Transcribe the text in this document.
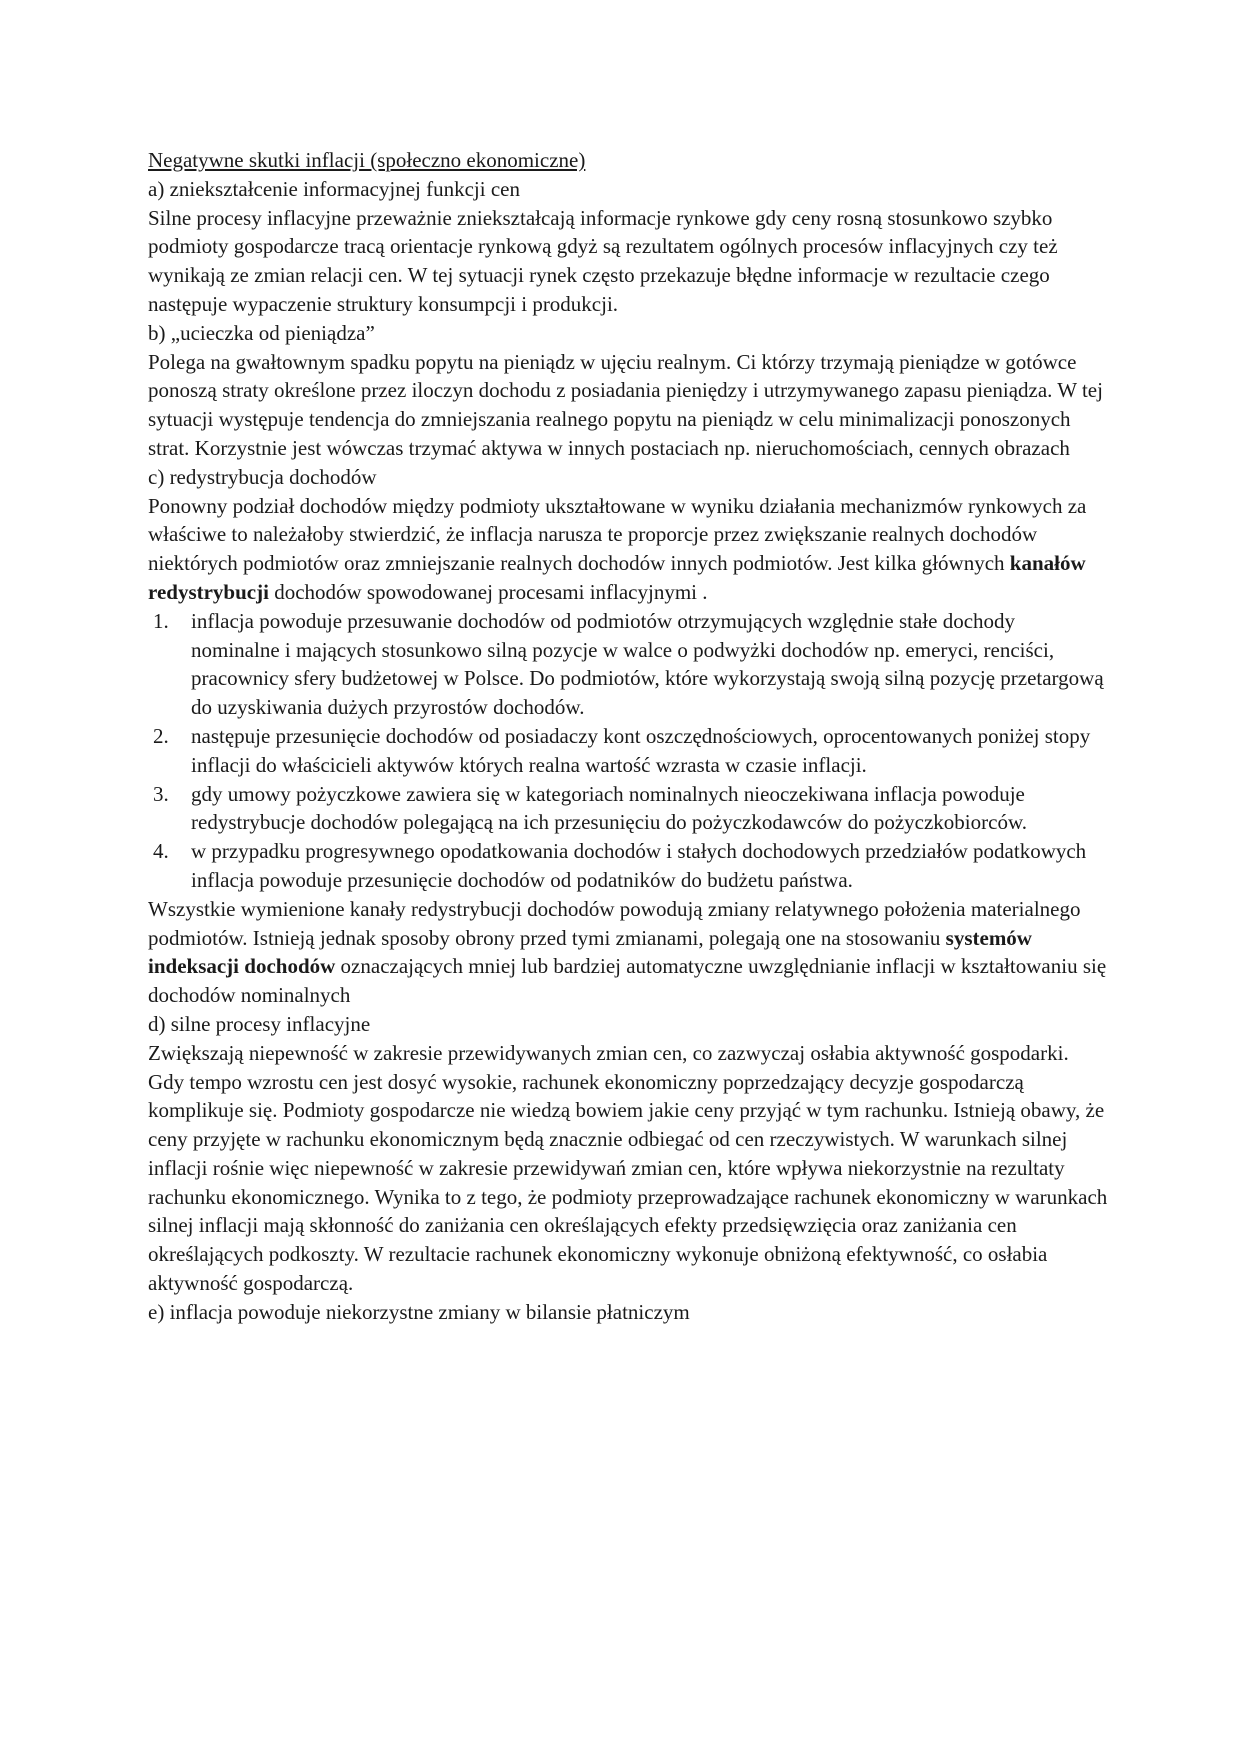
Negatywne skutki inflacji (społeczno ekonomiczne)

a) zniekształcenie informacyjnej funkcji cen

Silne procesy inflacyjne przeważnie zniekształcają informacje rynkowe gdy ceny rosną stosunkowo szybko podmioty gospodarcze tracą orientacje rynkową gdyż są rezultatem ogólnych procesów inflacyjnych czy też wynikają ze zmian relacji cen. W tej sytuacji rynek często przekazuje błędne informacje w rezultacie czego następuje wypaczenie struktury konsumpcji i produkcji.

b) „ucieczka od pieniądza”

Polega na gwałtownym spadku popytu na pieniądz w ujęciu realnym. Ci którzy trzymają pieniądze w gotówce ponoszą straty określone przez iloczyn dochodu z posiadania pieniędzy i utrzymywanego zapasu pieniądza. W tej sytuacji występuje tendencja do zmniejszania realnego popytu na pieniądz w celu minimalizacji ponoszonych strat. Korzystnie jest wówczas trzymać aktywa w innych postaciach np. nieruchomościach, cennych obrazach

c) redystrybucja dochodów

Ponowny podział dochodów między podmioty ukształtowane w wyniku działania mechanizmów rynkowych za właściwe to należałoby stwierdzić, że inflacja narusza te proporcje przez zwiększanie realnych dochodów niektórych podmiotów oraz zmniejszanie realnych dochodów innych podmiotów. Jest kilka głównych kanałów redystrybucji dochodów spowodowanej procesami inflacyjnymi .

1. inflacja powoduje przesuwanie dochodów od podmiotów otrzymujących względnie stałe dochody nominalne i mających stosunkowo silną pozycje w walce o podwyżki dochodów np. emeryci, renciści, pracownicy sfery budżetowej w Polsce. Do podmiotów, które wykorzystają swoją silną pozycję przetargową do uzyskiwania dużych przyrostów dochodów.
2. następuje przesunięcie dochodów od posiadaczy kont oszczędnościowych, oprocentowanych poniżej stopy inflacji do właścicieli aktywów których realna wartość wzrasta w czasie inflacji.
3. gdy umowy pożyczkowe zawiera się w kategoriach nominalnych nieoczekiwana inflacja powoduje redystrybucje dochodów polegającą na ich przesunięciu do pożyczkodawców do pożyczkobiorców.
4. w przypadku progresywnego opodatkowania dochodów i stałych dochodowych przedziałów podatkowych inflacja powoduje przesunięcie dochodów od podatników do budżetu państwa.

Wszystkie wymienione kanały redystrybucji dochodów powodują zmiany relatywnego położenia materialnego podmiotów. Istnieją jednak sposoby obrony przed tymi zmianami, polegają one na stosowaniu systemów indeksacji dochodów oznaczających mniej lub bardziej automatyczne uwzględnianie inflacji w kształtowaniu się dochodów nominalnych

d) silne procesy inflacyjne

Zwiększają niepewność w zakresie przewidywanych zmian cen, co zazwyczaj osłabia aktywność gospodarki. Gdy tempo wzrostu cen jest dosyć wysokie, rachunek ekonomiczny poprzedzający decyzje gospodarczą komplikuje się. Podmioty gospodarcze nie wiedzą bowiem jakie ceny przyjąć w tym rachunku. Istnieją obawy, że ceny przyjęte w rachunku ekonomicznym będą znacznie odbiegać od cen rzeczywistych. W warunkach silnej inflacji rośnie więc niepewność w zakresie przewidywań zmian cen, które wpływa niekorzystnie na rezultaty rachunku ekonomicznego. Wynika to z tego, że podmioty przeprowadzające rachunek ekonomiczny w warunkach silnej inflacji mają skłonność do zaniżania cen określających efekty przedsięwzięcia oraz zaniżania cen określających podkoszty. W rezultacie rachunek ekonomiczny wykonuje obniżoną efektywność, co osłabia aktywność gospodarczą.

e) inflacja powoduje niekorzystne zmiany w bilansie płatniczym
